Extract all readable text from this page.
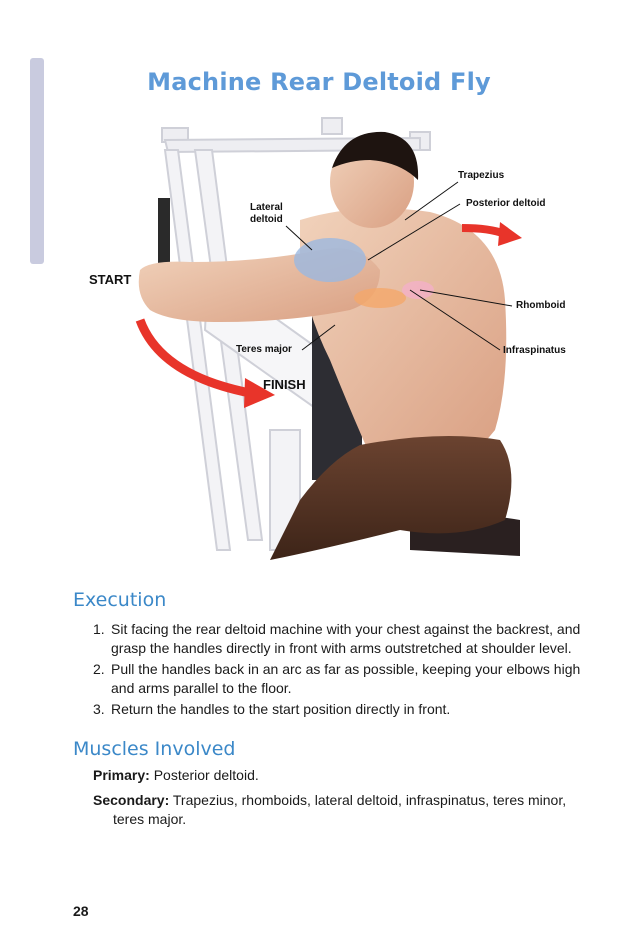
Machine Rear Deltoid Fly
START
FINISH
Lateral
deltoid
Trapezius
Posterior deltoid
Rhomboid
Infraspinatus
Teres major
Execution
1. Sit facing the rear deltoid machine with your chest against the backrest, and grasp the handles directly in front with arms outstretched at shoulder level.
2. Pull the handles back in an arc as far as possible, keeping your elbows high and arms parallel to the floor.
3. Return the handles to the start position directly in front.
Muscles Involved

Primary: Posterior deltoid.

Secondary: Trapezius, rhomboids, lateral deltoid, infraspinatus, teres minor, teres major.

28
